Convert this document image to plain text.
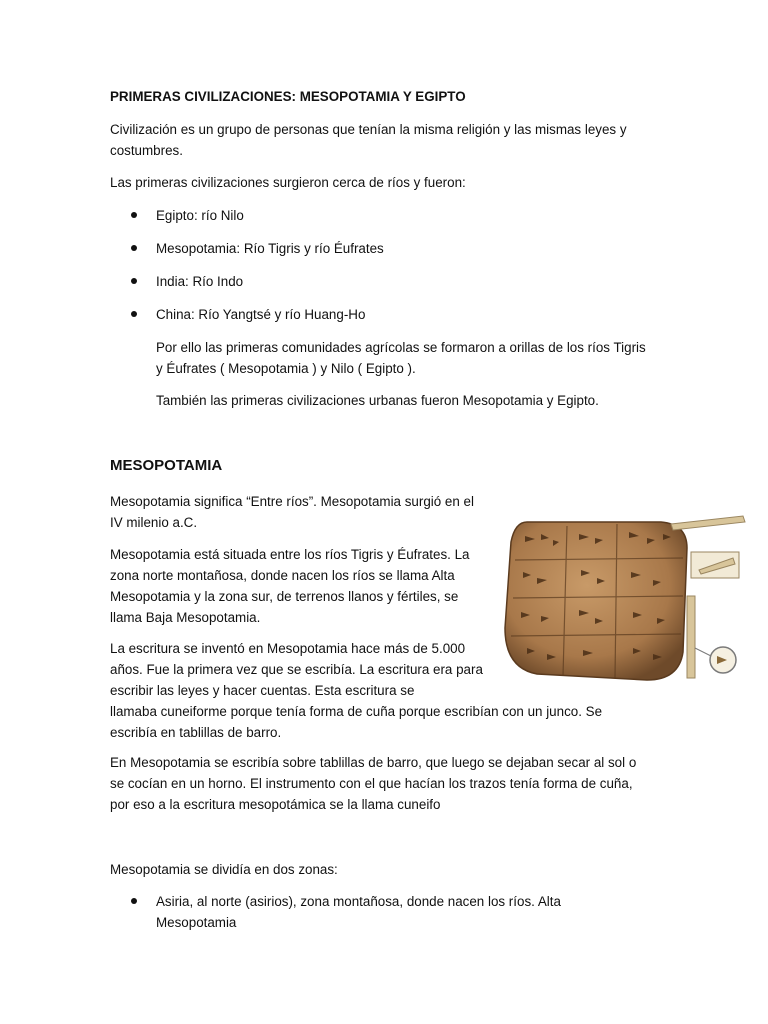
PRIMERAS CIVILIZACIONES: MESOPOTAMIA Y EGIPTO

Civilización es un grupo de personas que tenían la misma religión y las mismas leyes y costumbres.

Las primeras civilizaciones surgieron cerca de ríos y fueron:

Egipto: río Nilo

Mesopotamia: Río Tigris y río Éufrates

India: Río Indo

China: Río Yangtsé y río Huang-Ho

Por ello las primeras comunidades agrícolas se formaron a orillas de los ríos Tigris y Éufrates ( Mesopotamia ) y Nilo ( Egipto ).

También las primeras civilizaciones urbanas fueron Mesopotamia y Egipto.

MESOPOTAMIA

Mesopotamia significa “Entre ríos”. Mesopotamia surgió en el IV milenio a.C.

Mesopotamia está situada entre los ríos Tigris y Éufrates. La zona norte montañosa, donde nacen los ríos se llama Alta Mesopotamia y la zona sur, de terrenos llanos y fértiles, se llama Baja Mesopotamia.

La escritura se inventó en Mesopotamia hace más de 5.000 años. Fue la primera vez que se escribía. La escritura era para escribir las leyes y hacer cuentas. Esta escritura se

llamaba cuneiforme porque tenía forma de cuña porque escribían con un junco. Se escribía en tablillas de barro.

En Mesopotamia se escribía sobre tablillas de barro, que luego se dejaban secar al sol o se cocían en un horno. El instrumento con el que hacían los trazos tenía forma de cuña, por eso a la escritura mesopotámica se la llama cuneifo

Mesopotamia se dividía en dos zonas:

Asiria, al norte (asirios), zona montañosa, donde nacen los ríos. Alta Mesopotamia
